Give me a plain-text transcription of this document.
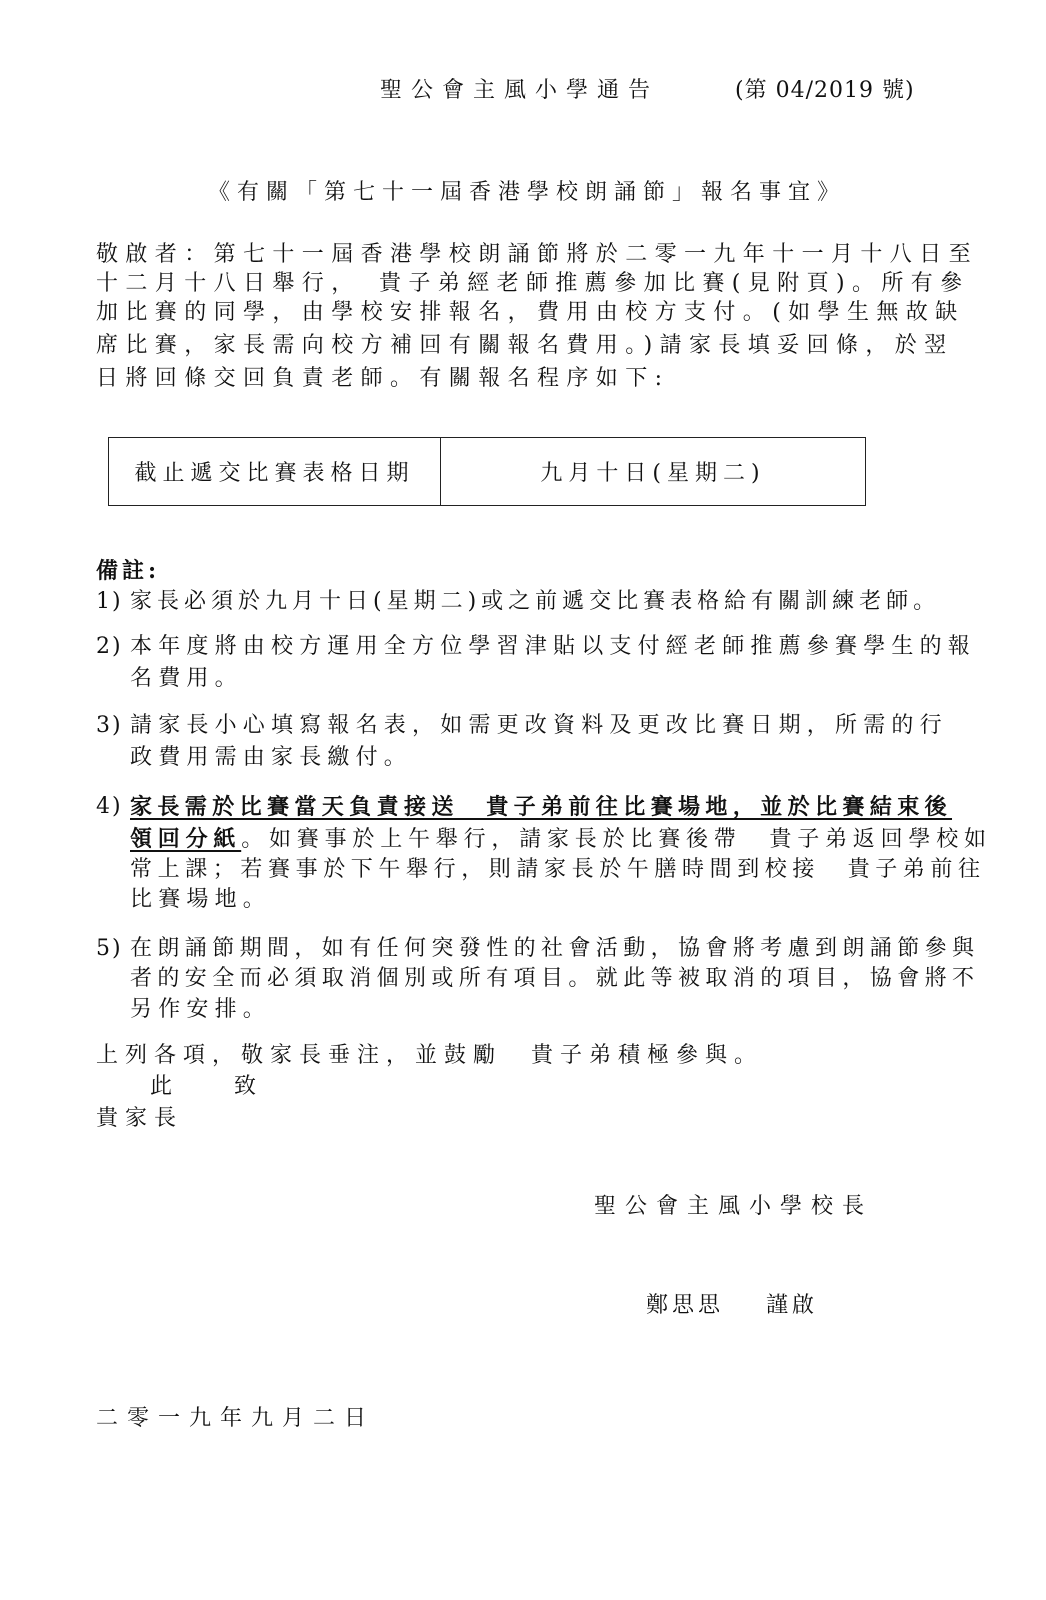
聖公會主風小學通告	(第 04/2019 號)
《有關「第七十一屆香港學校朗誦節」報名事宜》
敬啟者：第七十一屆香港學校朗誦節將於二零一九年十一月十八日至
十二月十八日舉行，　貴子弟經老師推薦參加比賽(見附頁)。所有參
加比賽的同學，由學校安排報名，費用由校方支付。(如學生無故缺
席比賽，家長需向校方補回有關報名費用。)請家長填妥回條，於翌
日將回條交回負責老師。有關報名程序如下:
截止遞交比賽表格日期	九月十日(星期二)
備註:
1) 家長必須於九月十日(星期二)或之前遞交比賽表格給有關訓練老師。
2) 本年度將由校方運用全方位學習津貼以支付經老師推薦參賽學生的報
名費用。
3) 請家長小心填寫報名表，如需更改資料及更改比賽日期，所需的行
政費用需由家長繳付。
4) 家長需於比賽當天負責接送　貴子弟前往比賽場地，並於比賽結束後
領回分紙。如賽事於上午舉行，請家長於比賽後帶　貴子弟返回學校如
常上課；若賽事於下午舉行，則請家長於午膳時間到校接　貴子弟前往
比賽場地。
5) 在朗誦節期間，如有任何突發性的社會活動，協會將考慮到朗誦節參與
者的安全而必須取消個別或所有項目。就此等被取消的項目，協會將不
另作安排。
上列各項，敬家長垂注，並鼓勵　貴子弟積極參與。
此　　致
貴家長
聖公會主風小學校長
鄭思思 謹啟
二零一九年九月二日
